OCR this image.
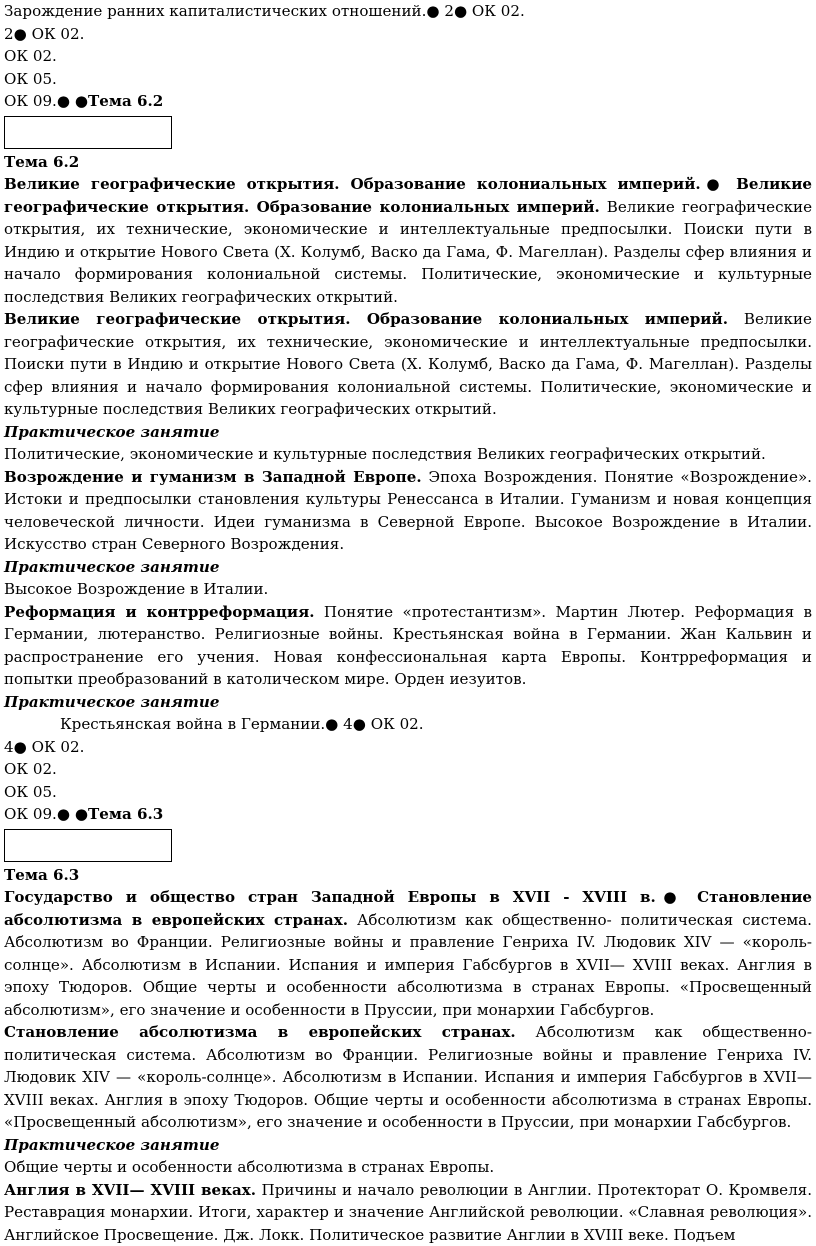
Зарождение ранних капиталистических отношений.● 2● ОК 02.
2● ОК 02.
ОК 02.
ОК 05.
ОК 09.● ●Тема 6.2
Тема 6.2

Великие географические открытия. Образование колониальных империй.● Великие географические открытия. Образование колониальных империй. Великие географические открытия, их технические, экономические и интеллектуальные предпосылки. Поиски пути в Индию и открытие Нового Света (Х. Колумб, Васко да Гама, Ф. Магеллан). Разделы сфер влияния и начало формирования колониальной системы. Политические, экономические и культурные последствия Великих географических открытий.

Великие географические открытия. Образование колониальных империй. Великие географические открытия, их технические, экономические и интеллектуальные предпосылки. Поиски пути в Индию и открытие Нового Света (Х. Колумб, Васко да Гама, Ф. Магеллан). Разделы сфер влияния и начало формирования колониальной системы. Политические, экономические и культурные последствия Великих географических открытий.

Практическое занятие
Политические, экономические и культурные последствия Великих географических открытий.

Возрождение и гуманизм в Западной Европе. Эпоха Возрождения. Понятие «Возрождение». Истоки и предпосылки становления культуры Ренессанса в Италии. Гуманизм и новая концепция человеческой личности. Идеи гуманизма в Северной Европе. Высокое Возрождение в Италии. Искусство стран Северного Возрождения.

Практическое занятие
Высокое Возрождение в Италии.

Реформация и контрреформация. Понятие «протестантизм». Мартин Лютер. Реформация в Германии, лютеранство. Религиозные войны. Крестьянская война в Германии. Жан Кальвин и распространение его учения. Новая конфессиональная карта Европы. Контрреформация и попытки преобразований в католическом мире. Орден иезуитов.

Практическое занятие
Крестьянская война в Германии.● 4● ОК 02.
4● ОК 02.
ОК 02.
ОК 05.
ОК 09.● ●Тема 6.3
Тема 6.3

Государство и общество стран Западной Европы в XVII - XVIII в.● Становление абсолютизма в европейских странах. Абсолютизм как общественно- политическая система. Абсолютизм во Франции. Религиозные войны и правление Генриха IV. Людовик XIV — «король-солнце». Абсолютизм в Испании. Испания и империя Габсбургов в XVII— XVIII веках. Англия в эпоху Тюдоров. Общие черты и особенности абсолютизма в странах Европы. «Просвещенный абсолютизм», его значение и особенности в Пруссии, при монархии Габсбургов.

Становление абсолютизма в европейских странах. Абсолютизм как общественно- политическая система. Абсолютизм во Франции. Религиозные войны и правление Генриха IV. Людовик XIV — «король-солнце». Абсолютизм в Испании. Испания и империя Габсбургов в XVII— XVIII веках. Англия в эпоху Тюдоров. Общие черты и особенности абсолютизма в странах Европы. «Просвещенный абсолютизм», его значение и особенности в Пруссии, при монархии Габсбургов.

Практическое занятие
Общие черты и особенности абсолютизма в странах Европы.

Англия в XVII— XVIII веках. Причины и начало революции в Англии. Протекторат О. Кромвеля. Реставрация монархии. Итоги, характер и значение Английской революции. «Славная революция». Английское Просвещение. Дж. Локк. Политическое развитие Англии в XVIII веке. Подъем
